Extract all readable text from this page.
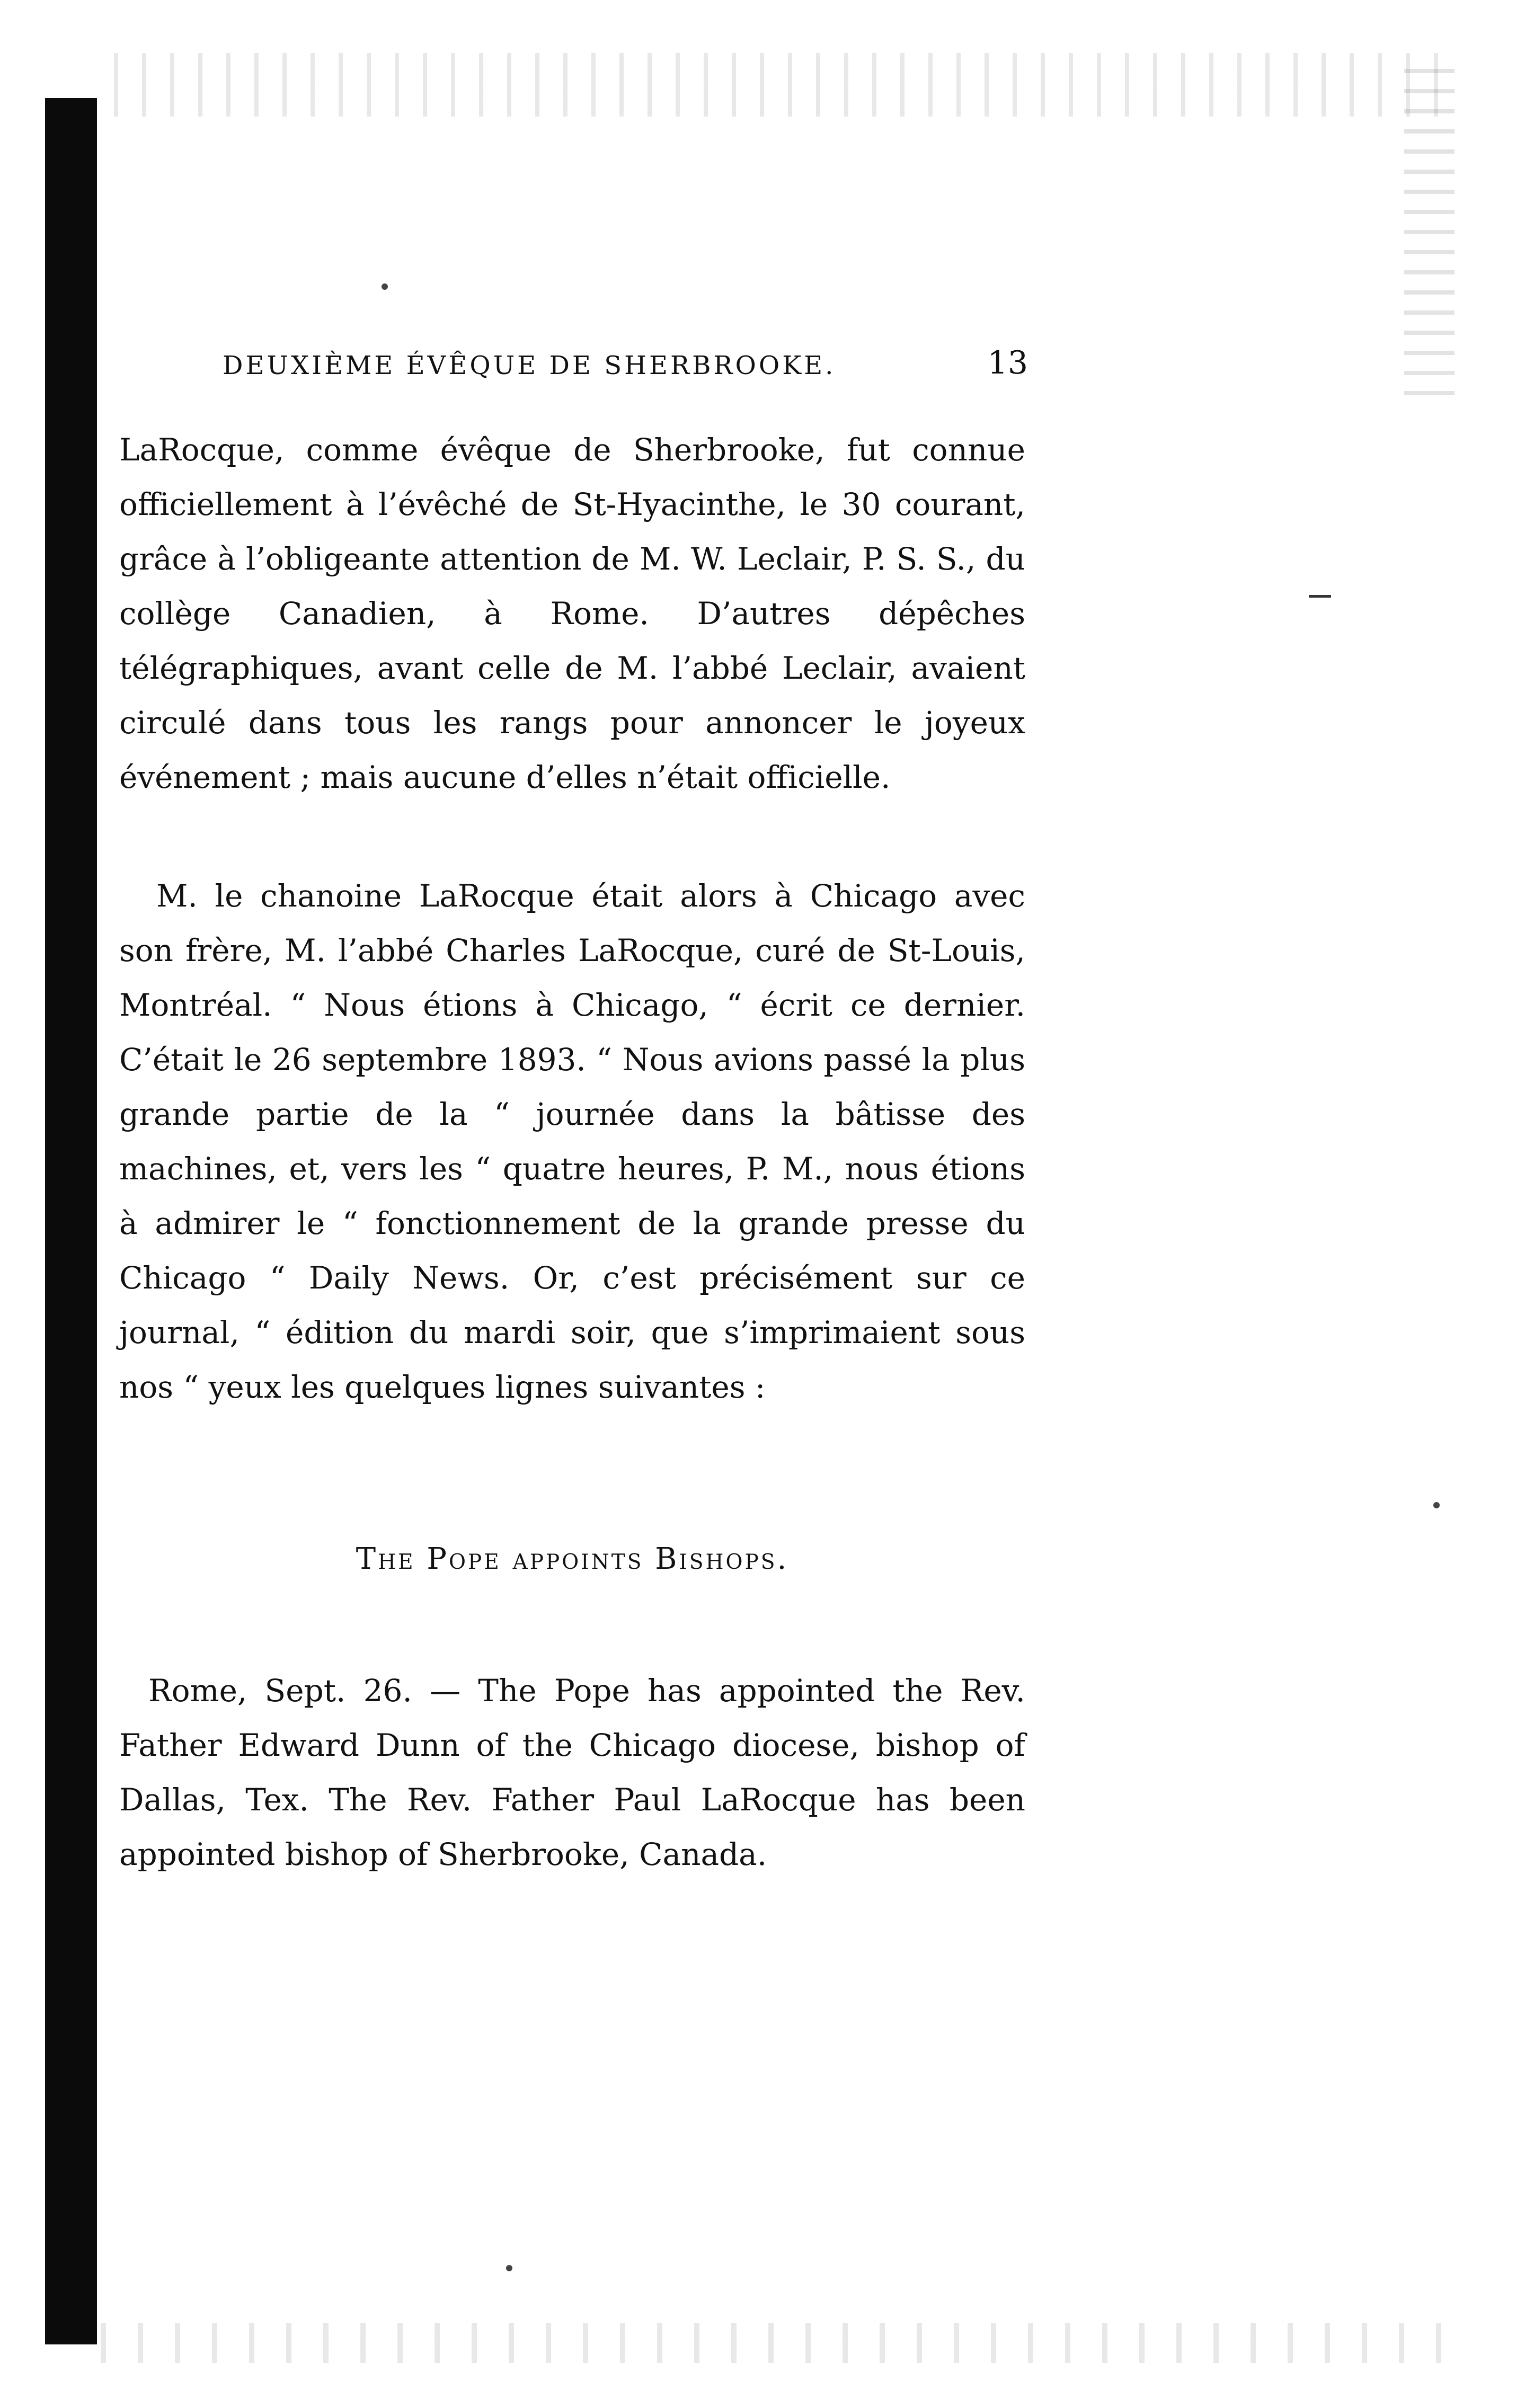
DEUXIÈME ÉVÊQUE DE SHERBROOKE.	13

LaRocque, comme évêque de Sherbrooke, fut connue officiellement à l’évêché de St-Hyacinthe, le 30 courant, grâce à l’obligeante attention de M. W. Leclair, P. S. S., du collège Canadien, à Rome. D’autres dépêches télégraphiques, avant celle de M. l’abbé Leclair, avaient circulé dans tous les rangs pour annoncer le joyeux événement ; mais aucune d’elles n’était officielle.

M. le chanoine LaRocque était alors à Chicago avec son frère, M. l’abbé Charles LaRocque, curé de St-Louis, Montréal. “ Nous étions à Chicago, “ écrit ce dernier. C’était le 26 septembre 1893. “ Nous avions passé la plus grande partie de la “ journée dans la bâtisse des machines, et, vers les “ quatre heures, P. M., nous étions à admirer le “ fonctionnement de la grande presse du Chicago “ Daily News. Or, c’est précisément sur ce journal, “ édition du mardi soir, que s’imprimaient sous nos “ yeux les quelques lignes suivantes :

The Pope appoints Bishops.

Rome, Sept. 26. — The Pope has appointed the Rev. Father Edward Dunn of the Chicago diocese, bishop of Dallas, Tex. The Rev. Father Paul LaRocque has been appointed bishop of Sherbrooke, Canada.
